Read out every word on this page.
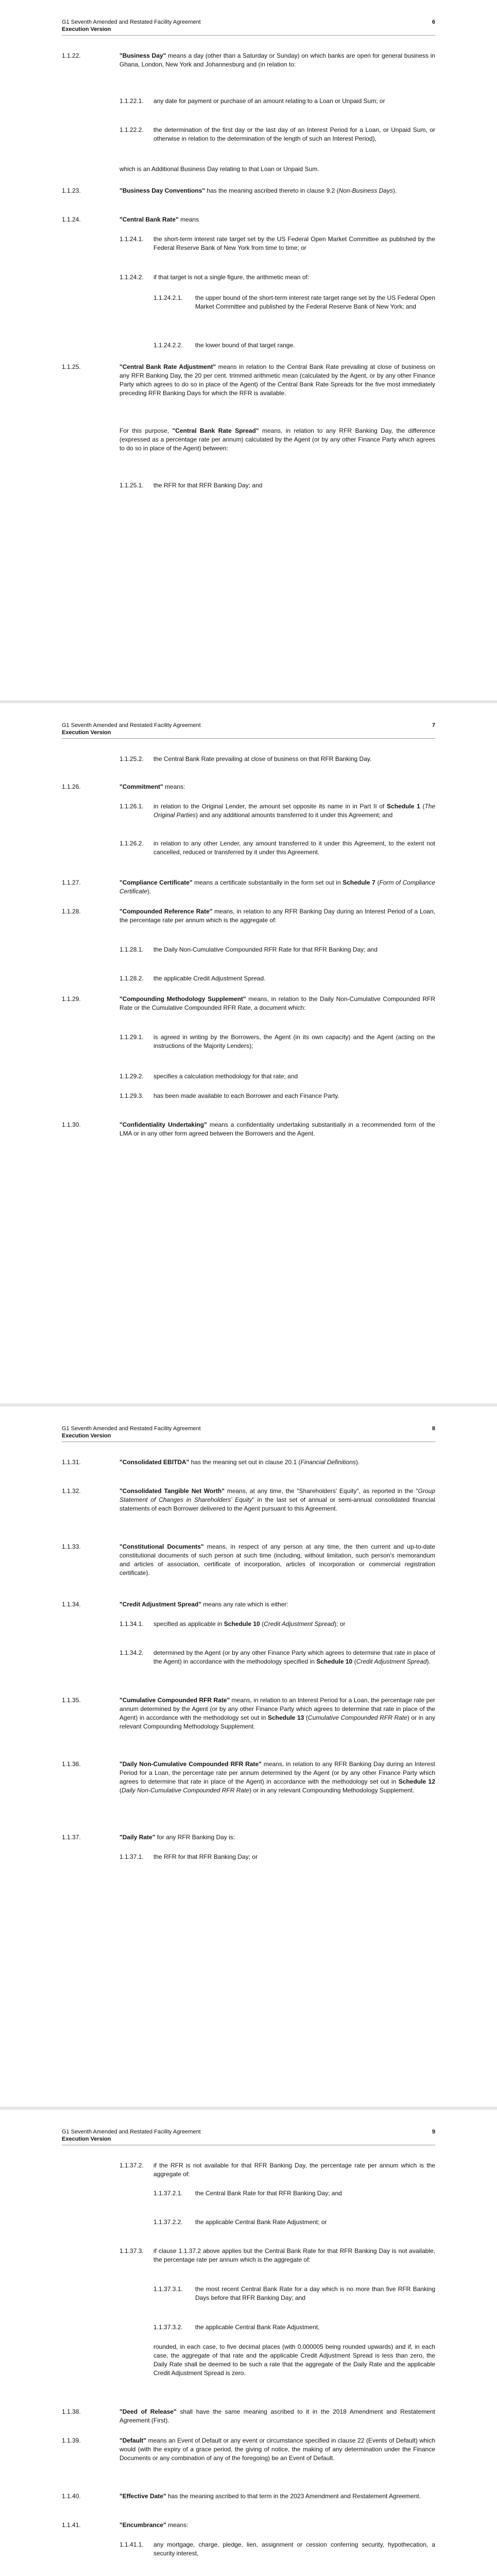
G1 Seventh Amended and Restated Facility Agreement
Execution Version
6
1.1.22.	"Business Day" means a day (other than a Saturday or Sunday) on which banks are open for general business in Ghana, London, New York and Johannesburg and (in relation to:
1.1.22.1. any date for payment or purchase of an amount relating to a Loan or Unpaid Sum; or
1.1.22.2. the determination of the first day or the last day of an Interest Period for a Loan, or Unpaid Sum, or otherwise in relation to the determination of the length of such an Interest Period),
which is an Additional Business Day relating to that Loan or Unpaid Sum.
1.1.23.	"Business Day Conventions" has the meaning ascribed thereto in clause 9.2 (Non-Business Days).
1.1.24.	"Central Bank Rate" means
1.1.24.1. the short-term interest rate target set by the US Federal Open Market Committee as published by the Federal Reserve Bank of New York from time to time; or
1.1.24.2. if that target is not a single figure, the arithmetic mean of:
1.1.24.2.1. the upper bound of the short-term interest rate target range set by the US Federal Open Market Committee and published by the Federal Reserve Bank of New York; and
1.1.24.2.2. the lower bound of that target range.
1.1.25.	"Central Bank Rate Adjustment" means in relation to the Central Bank Rate prevailing at close of business on any RFR Banking Day, the 20 per cent. trimmed arithmetic mean (calculated by the Agent, or by any other Finance Party which agrees to do so in place of the Agent) of the Central Bank Rate Spreads for the five most immediately preceding RFR Banking Days for which the RFR is available.
For this purpose, "Central Bank Rate Spread" means, in relation to any RFR Banking Day, the difference (expressed as a percentage rate per annum) calculated by the Agent (or by any other Finance Party which agrees to do so in place of the Agent) between:
1.1.25.1. the RFR for that RFR Banking Day; and
G1 Seventh Amended and Restated Facility Agreement
Execution Version
7
1.1.25.2. the Central Bank Rate prevailing at close of business on that RFR Banking Day.
1.1.26.	"Commitment" means:
1.1.26.1. in relation to the Original Lender, the amount set opposite its name in in Part II of Schedule 1 (The Original Parties) and any additional amounts transferred to it under this Agreement; and
1.1.26.2. in relation to any other Lender, any amount transferred to it under this Agreement, to the extent not cancelled, reduced or transferred by it under this Agreement.
1.1.27.	"Compliance Certificate" means a certificate substantially in the form set out in Schedule 7 (Form of Compliance Certificate).
1.1.28.	"Compounded Reference Rate" means, in relation to any RFR Banking Day during an Interest Period of a Loan, the percentage rate per annum which is the aggregate of:
1.1.28.1. the Daily Non-Cumulative Compounded RFR Rate for that RFR Banking Day; and
1.1.28.2. the applicable Credit Adjustment Spread.
1.1.29.	"Compounding Methodology Supplement" means, in relation to the Daily Non-Cumulative Compounded RFR Rate or the Cumulative Compounded RFR Rate, a document which:
1.1.29.1. is agreed in writing by the Borrowers, the Agent (in its own capacity) and the Agent (acting on the instructions of the Majority Lenders);
1.1.29.2. specifies a calculation methodology for that rate; and
1.1.29.3. has been made available to each Borrower and each Finance Party.
1.1.30.	"Confidentiality Undertaking" means a confidentiality undertaking substantially in a recommended form of the LMA or in any other form agreed between the Borrowers and the Agent.
G1 Seventh Amended and Restated Facility Agreement
Execution Version
8
1.1.31.	"Consolidated EBITDA" has the meaning set out in clause 20.1 (Financial Definitions).
1.1.32.	"Consolidated Tangible Net Worth" means, at any time, the "Shareholders' Equity", as reported in the "Group Statement of Changes in Shareholders' Equity" in the last set of annual or semi-annual consolidated financial statements of each Borrower delivered to the Agent pursuant to this Agreement.
1.1.33.	"Constitutional Documents" means, in respect of any person at any time, the then current and up-to-date constitutional documents of such person at such time (including, without limitation, such person's memorandum and articles of association, certificate of incorporation, articles of incorporation or commercial registration certificate).
1.1.34.	"Credit Adjustment Spread" means any rate which is either:
1.1.34.1. specified as applicable in Schedule 10 (Credit Adjustment Spread); or
1.1.34.2. determined by the Agent (or by any other Finance Party which agrees to determine that rate in place of the Agent) in accordance with the methodology specified in Schedule 10 (Credit Adjustment Spread).
1.1.35.	"Cumulative Compounded RFR Rate" means, in relation to an Interest Period for a Loan, the percentage rate per annum determined by the Agent (or by any other Finance Party which agrees to determine that rate in place of the Agent) in accordance with the methodology set out in Schedule 13 (Cumulative Compounded RFR Rate) or in any relevant Compounding Methodology Supplement.
1.1.36.	"Daily Non-Cumulative Compounded RFR Rate" means, in relation to any RFR Banking Day during an Interest Period for a Loan, the percentage rate per annum determined by the Agent (or by any other Finance Party which agrees to determine that rate in place of the Agent) in accordance with the methodology set out in Schedule 12 (Daily Non-Cumulative Compounded RFR Rate) or in any relevant Compounding Methodology Supplement.
1.1.37.	"Daily Rate" for any RFR Banking Day is:
1.1.37.1. the RFR for that RFR Banking Day; or
G1 Seventh Amended and Restated Facility Agreement
Execution Version
9
1.1.37.2. if the RFR is not available for that RFR Banking Day, the percentage rate per annum which is the aggregate of:
1.1.37.2.1. the Central Bank Rate for that RFR Banking Day; and
1.1.37.2.2. the applicable Central Bank Rate Adjustment; or
1.1.37.3. if clause 1.1.37.2 above applies but the Central Bank Rate for that RFR Banking Day is not available, the percentage rate per annum which is the aggregate of:
1.1.37.3.1. the most recent Central Bank Rate for a day which is no more than five RFR Banking Days before that RFR Banking Day; and
1.1.37.3.2. the applicable Central Bank Rate Adjustment,
rounded, in each case, to five decimal places (with 0.000005 being rounded upwards) and if, in each case, the aggregate of that rate and the applicable Credit Adjustment Spread is less than zero, the Daily Rate shall be deemed to be such a rate that the aggregate of the Daily Rate and the applicable Credit Adjustment Spread is zero.
1.1.38.	"Deed of Release" shall have the same meaning ascribed to it in the 2018 Amendment and Restatement Agreement (First).
1.1.39.	"Default" means an Event of Default or any event or circumstance specified in clause 22 (Events of Default) which would (with the expiry of a grace period, the giving of notice, the making of any determination under the Finance Documents or any combination of any of the foregoing) be an Event of Default.
1.1.40.	"Effective Date" has the meaning ascribed to that term in the 2023 Amendment and Restatement Agreement.
1.1.41.	"Encumbrance" means:
1.1.41.1. any mortgage, charge, pledge, lien, assignment or cession conferring security, hypothecation, a security interest,
